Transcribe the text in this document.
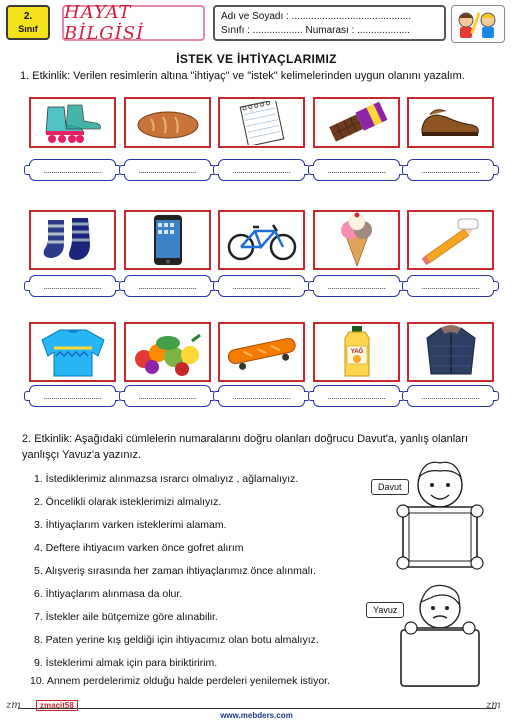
2.
Sınıf
HAYAT BİLGİSİ
Adı ve Soyadı : ...........................................
Sınıfı : .................. Numarası : ...................
İSTEK VE İHTİYAÇLARIMIZ
1. Etkinlik: Verilen resimlerin altına "ihtiyaç" ve "istek" kelimelerinden uygun olanını yazalım.
.............................	.............................	.............................	.............................	.............................
.............................	.............................	.............................	.............................	.............................
YAĞ
.............................	.............................	.............................	.............................	.............................
2. Etkinlik: Aşağıdaki cümlelerin numaralarını doğru olanları doğrucu Davut'a, yanlış olanları
yanlışçı Yavuz'a yazınız.
1. İstediklerimiz alınmazsa ısrarcı olmalıyız , ağlamalıyız.
2. Öncelikli olarak isteklerimizi almalıyız.
3. İhtiyaçlarım varken isteklerimi alamam.
4. Deftere ihtiyacım varken önce gofret alırım
5. Alışveriş sırasında her zaman ihtiyaçlarımız önce alınmalı.
6. İhtiyaçlarım alınmasa da olur.
7. İstekler aile bütçemize göre alınabilir.
8. Paten yerine kış geldiği için ihtiyacımız olan botu almalıyız.
9. İsteklerimi almak için para biriktiririm.
10. Annem perdelerimiz olduğu halde perdeleri yenilemek istiyor.
Davut
Yavuz
zm	zmacit58
www.mebders.com
zm
